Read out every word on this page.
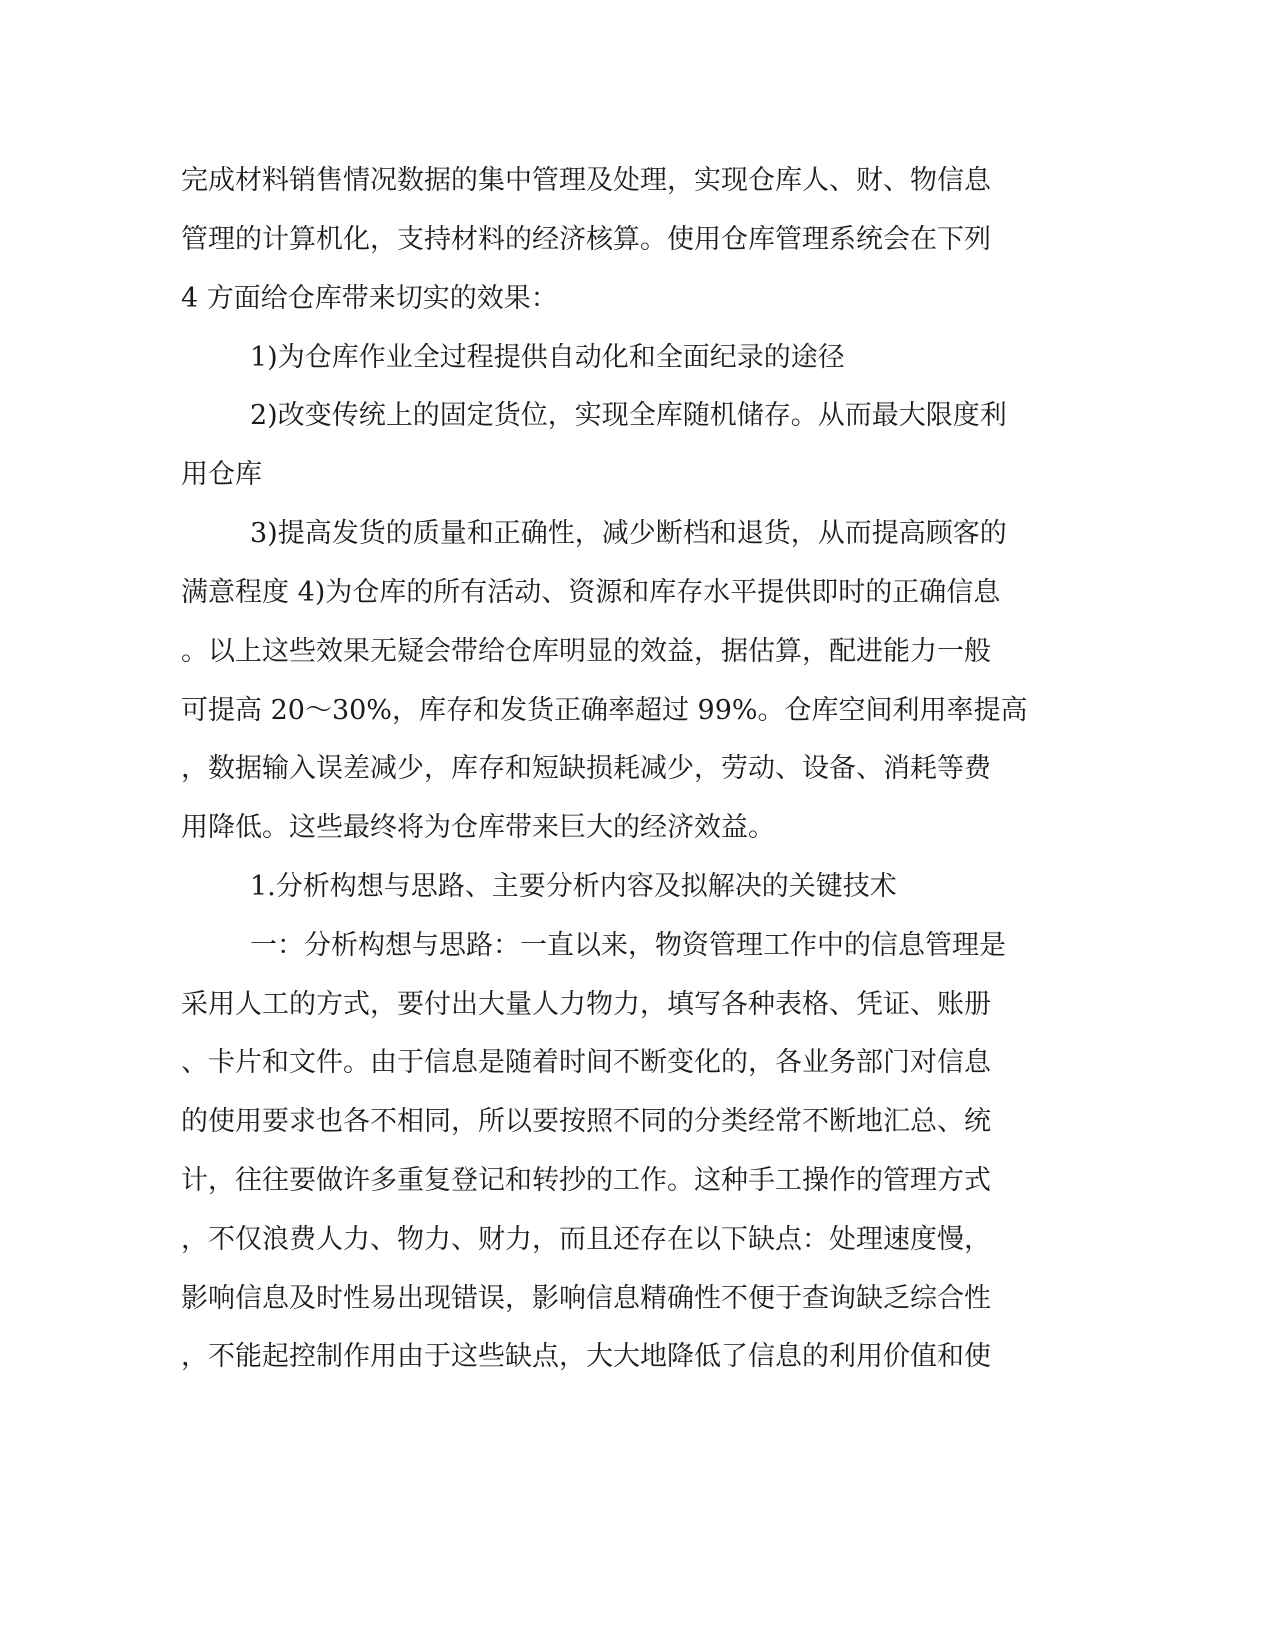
完成材料销售情况数据的集中管理及处理，实现仓库人、财、物信息
管理的计算机化，支持材料的经济核算。使用仓库管理系统会在下列
4 方面给仓库带来切实的效果：
1)为仓库作业全过程提供自动化和全面纪录的途径
2)改变传统上的固定货位，实现全库随机储存。从而最大限度利
用仓库
3)提高发货的质量和正确性，减少断档和退货，从而提高顾客的
满意程度 4)为仓库的所有活动、资源和库存水平提供即时的正确信息
。以上这些效果无疑会带给仓库明显的效益，据估算，配进能力一般
可提高 20～30%，库存和发货正确率超过 99%。仓库空间利用率提高
，数据输入误差减少，库存和短缺损耗减少，劳动、设备、消耗等费
用降低。这些最终将为仓库带来巨大的经济效益。
1.分析构想与思路、主要分析内容及拟解决的关键技术
一：分析构想与思路：一直以来，物资管理工作中的信息管理是
采用人工的方式，要付出大量人力物力，填写各种表格、凭证、账册
、卡片和文件。由于信息是随着时间不断变化的，各业务部门对信息
的使用要求也各不相同，所以要按照不同的分类经常不断地汇总、统
计，往往要做许多重复登记和转抄的工作。这种手工操作的管理方式
，不仅浪费人力、物力、财力，而且还存在以下缺点：处理速度慢，
影响信息及时性易出现错误，影响信息精确性不便于查询缺乏综合性
，不能起控制作用由于这些缺点，大大地降低了信息的利用价值和使
